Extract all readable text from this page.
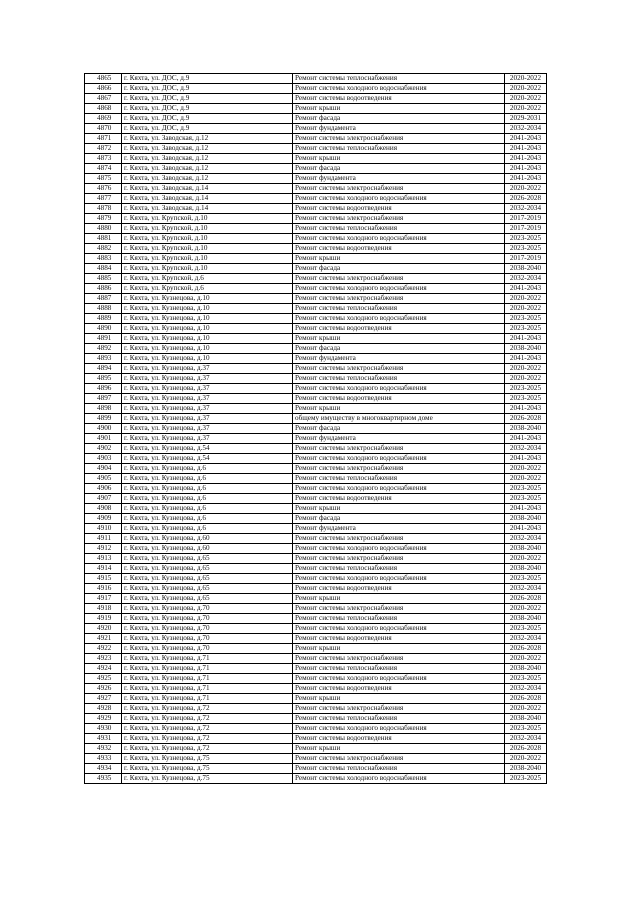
4865	г. Кяхта, ул. ДОС, д.9	Ремонт системы теплоснабжения	2020-2022
4866	г. Кяхта, ул. ДОС, д.9	Ремонт системы холодного водоснабжения	2020-2022
4867	г. Кяхта, ул. ДОС, д.9	Ремонт системы водоотведения	2020-2022
4868	г. Кяхта, ул. ДОС, д.9	Ремонт крыши	2020-2022
4869	г. Кяхта, ул. ДОС, д.9	Ремонт фасада	2029-2031
4870	г. Кяхта, ул. ДОС, д.9	Ремонт фундамента	2032-2034
4871	г. Кяхта, ул. Заводская, д.12	Ремонт системы электроснабжения	2041-2043
4872	г. Кяхта, ул. Заводская, д.12	Ремонт системы теплоснабжения	2041-2043
4873	г. Кяхта, ул. Заводская, д.12	Ремонт крыши	2041-2043
4874	г. Кяхта, ул. Заводская, д.12	Ремонт фасада	2041-2043
4875	г. Кяхта, ул. Заводская, д.12	Ремонт фундамента	2041-2043
4876	г. Кяхта, ул. Заводская, д.14	Ремонт системы электроснабжения	2020-2022
4877	г. Кяхта, ул. Заводская, д.14	Ремонт системы холодного водоснабжения	2026-2028
4878	г. Кяхта, ул. Заводская, д.14	Ремонт системы водоотведения	2032-2034
4879	г. Кяхта, ул. Крупской, д.10	Ремонт системы электроснабжения	2017-2019
4880	г. Кяхта, ул. Крупской, д.10	Ремонт системы теплоснабжения	2017-2019
4881	г. Кяхта, ул. Крупской, д.10	Ремонт системы холодного водоснабжения	2023-2025
4882	г. Кяхта, ул. Крупской, д.10	Ремонт системы водоотведения	2023-2025
4883	г. Кяхта, ул. Крупской, д.10	Ремонт крыши	2017-2019
4884	г. Кяхта, ул. Крупской, д.10	Ремонт фасада	2038-2040
4885	г. Кяхта, ул. Крупской, д.6	Ремонт системы электроснабжения	2032-2034
4886	г. Кяхта, ул. Крупской, д.6	Ремонт системы холодного водоснабжения	2041-2043
4887	г. Кяхта, ул. Кузнецова, д.10	Ремонт системы электроснабжения	2020-2022
4888	г. Кяхта, ул. Кузнецова, д.10	Ремонт системы теплоснабжения	2020-2022
4889	г. Кяхта, ул. Кузнецова, д.10	Ремонт системы холодного водоснабжения	2023-2025
4890	г. Кяхта, ул. Кузнецова, д.10	Ремонт системы водоотведения	2023-2025
4891	г. Кяхта, ул. Кузнецова, д.10	Ремонт крыши	2041-2043
4892	г. Кяхта, ул. Кузнецова, д.10	Ремонт фасада	2038-2040
4893	г. Кяхта, ул. Кузнецова, д.10	Ремонт фундамента	2041-2043
4894	г. Кяхта, ул. Кузнецова, д.37	Ремонт системы электроснабжения	2020-2022
4895	г. Кяхта, ул. Кузнецова, д.37	Ремонт системы теплоснабжения	2020-2022
4896	г. Кяхта, ул. Кузнецова, д.37	Ремонт системы холодного водоснабжения	2023-2025
4897	г. Кяхта, ул. Кузнецова, д.37	Ремонт системы водоотведения	2023-2025
4898	г. Кяхта, ул. Кузнецова, д.37	Ремонт крыши	2041-2043
4899	г. Кяхта, ул. Кузнецова, д.37	общему имуществу в многоквартирном доме	2026-2028
4900	г. Кяхта, ул. Кузнецова, д.37	Ремонт фасада	2038-2040
4901	г. Кяхта, ул. Кузнецова, д.37	Ремонт фундамента	2041-2043
4902	г. Кяхта, ул. Кузнецова, д.54	Ремонт системы электроснабжения	2032-2034
4903	г. Кяхта, ул. Кузнецова, д.54	Ремонт системы холодного водоснабжения	2041-2043
4904	г. Кяхта, ул. Кузнецова, д.6	Ремонт системы электроснабжения	2020-2022
4905	г. Кяхта, ул. Кузнецова, д.6	Ремонт системы теплоснабжения	2020-2022
4906	г. Кяхта, ул. Кузнецова, д.6	Ремонт системы холодного водоснабжения	2023-2025
4907	г. Кяхта, ул. Кузнецова, д.6	Ремонт системы водоотведения	2023-2025
4908	г. Кяхта, ул. Кузнецова, д.6	Ремонт крыши	2041-2043
4909	г. Кяхта, ул. Кузнецова, д.6	Ремонт фасада	2038-2040
4910	г. Кяхта, ул. Кузнецова, д.6	Ремонт фундамента	2041-2043
4911	г. Кяхта, ул. Кузнецова, д.60	Ремонт системы электроснабжения	2032-2034
4912	г. Кяхта, ул. Кузнецова, д.60	Ремонт системы холодного водоснабжения	2038-2040
4913	г. Кяхта, ул. Кузнецова, д.65	Ремонт системы электроснабжения	2020-2022
4914	г. Кяхта, ул. Кузнецова, д.65	Ремонт системы теплоснабжения	2038-2040
4915	г. Кяхта, ул. Кузнецова, д.65	Ремонт системы холодного водоснабжения	2023-2025
4916	г. Кяхта, ул. Кузнецова, д.65	Ремонт системы водоотведения	2032-2034
4917	г. Кяхта, ул. Кузнецова, д.65	Ремонт крыши	2026-2028
4918	г. Кяхта, ул. Кузнецова, д.70	Ремонт системы электроснабжения	2020-2022
4919	г. Кяхта, ул. Кузнецова, д.70	Ремонт системы теплоснабжения	2038-2040
4920	г. Кяхта, ул. Кузнецова, д.70	Ремонт системы холодного водоснабжения	2023-2025
4921	г. Кяхта, ул. Кузнецова, д.70	Ремонт системы водоотведения	2032-2034
4922	г. Кяхта, ул. Кузнецова, д.70	Ремонт крыши	2026-2028
4923	г. Кяхта, ул. Кузнецова, д.71	Ремонт системы электроснабжения	2020-2022
4924	г. Кяхта, ул. Кузнецова, д.71	Ремонт системы теплоснабжения	2038-2040
4925	г. Кяхта, ул. Кузнецова, д.71	Ремонт системы холодного водоснабжения	2023-2025
4926	г. Кяхта, ул. Кузнецова, д.71	Ремонт системы водоотведения	2032-2034
4927	г. Кяхта, ул. Кузнецова, д.71	Ремонт крыши	2026-2028
4928	г. Кяхта, ул. Кузнецова, д.72	Ремонт системы электроснабжения	2020-2022
4929	г. Кяхта, ул. Кузнецова, д.72	Ремонт системы теплоснабжения	2038-2040
4930	г. Кяхта, ул. Кузнецова, д.72	Ремонт системы холодного водоснабжения	2023-2025
4931	г. Кяхта, ул. Кузнецова, д.72	Ремонт системы водоотведения	2032-2034
4932	г. Кяхта, ул. Кузнецова, д.72	Ремонт крыши	2026-2028
4933	г. Кяхта, ул. Кузнецова, д.75	Ремонт системы электроснабжения	2020-2022
4934	г. Кяхта, ул. Кузнецова, д.75	Ремонт системы теплоснабжения	2038-2040
4935	г. Кяхта, ул. Кузнецова, д.75	Ремонт системы холодного водоснабжения	2023-2025
